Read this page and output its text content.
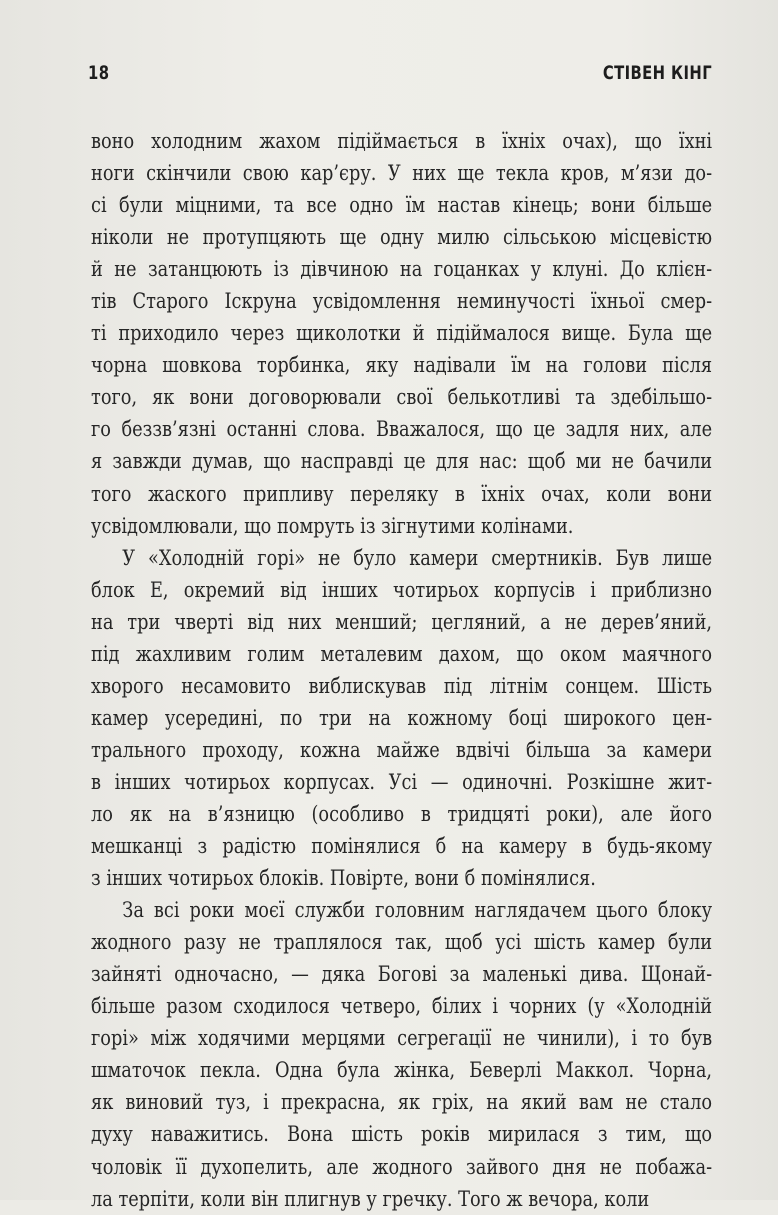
18	СТІВЕН КІНГ
воно холодним жахом підіймається в їхніх очах), що їхні
ноги скінчили свою кар’єру. У них ще текла кров, м’язи до-
сі були міцними, та все одно їм настав кінець; вони більше
ніколи не протупцяють ще одну милю сільською місцевістю
й не затанцюють із дівчиною на гоцанках у клуні. До клієн-
тів Старого Іскруна усвідомлення неминучості їхньої смер-
ті приходило через щиколотки й підіймалося вище. Була ще
чорна шовкова торбинка, яку надівали їм на голови після
того, як вони договорювали свої белькотливі та здебільшо-
го беззв’язні останні слова. Вважалося, що це задля них, але
я завжди думав, що насправді це для нас: щоб ми не бачили
того жаского припливу переляку в їхніх очах, коли вони
усвідомлювали, що помруть із зігнутими колінами.
У «Холодній горі» не було камери смертників. Був лише
блок Е, окремий від інших чотирьох корпусів і приблизно
на три чверті від них менший; цегляний, а не дерев’яний,
під жахливим голим металевим дахом, що оком маячного
хворого несамовито виблискував під літнім сонцем. Шість
камер усередині, по три на кожному боці широкого цен-
трального проходу, кожна майже вдвічі більша за камери
в інших чотирьох корпусах. Усі — одиночні. Розкішне жит-
ло як на в’язницю (особливо в тридцяті роки), але його
мешканці з радістю помінялися б на камеру в будь-якому
з інших чотирьох блоків. Повірте, вони б помінялися.
За всі роки моєї служби головним наглядачем цього блоку
жодного разу не траплялося так, щоб усі шість камер були
зайняті одночасно, — дяка Богові за маленькі дива. Щонай-
більше разом сходилося четверо, білих і чорних (у «Холодній
горі» між ходячими мерцями сегрегації не чинили), і то був
шматочок пекла. Одна була жінка, Беверлі Маккол. Чорна,
як виновий туз, і прекрасна, як гріх, на який вам не стало
духу наважитись. Вона шість років мирилася з тим, що
чоловік її духопелить, але жодного зайвого дня не побажа-
ла терпіти, коли він плигнув у гречку. Того ж вечора, коли
